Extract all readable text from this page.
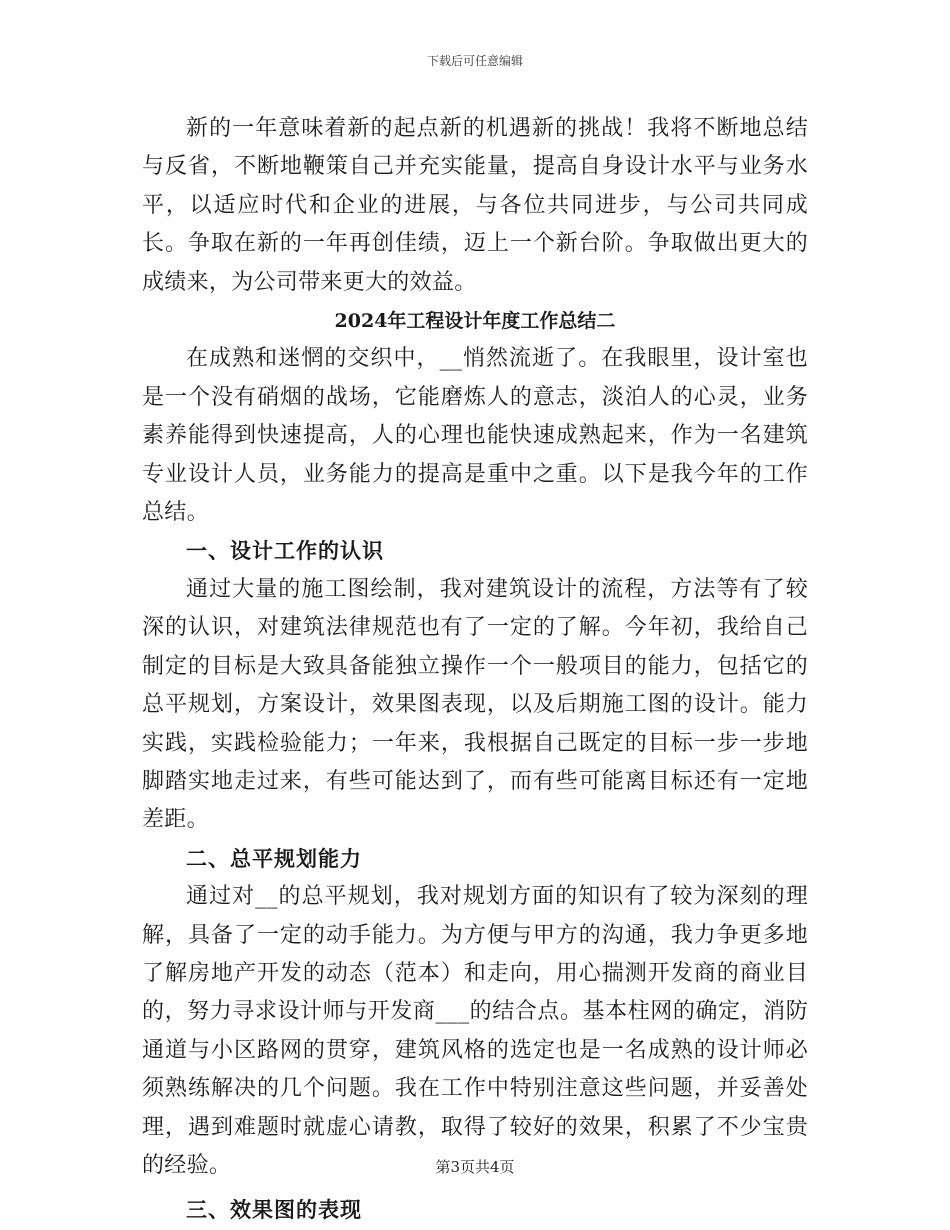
下载后可任意编辑

新的一年意味着新的起点新的机遇新的挑战！我将不断地总结与反省，不断地鞭策自己并充实能量，提高自身设计水平与业务水平，以适应时代和企业的进展，与各位共同进步，与公司共同成长。争取在新的一年再创佳绩，迈上一个新台阶。争取做出更大的成绩来，为公司带来更大的效益。

2024年工程设计年度工作总结二

在成熟和迷惘的交织中，__悄然流逝了。在我眼里，设计室也是一个没有硝烟的战场，它能磨炼人的意志，淡泊人的心灵，业务素养能得到快速提高，人的心理也能快速成熟起来，作为一名建筑专业设计人员，业务能力的提高是重中之重。以下是我今年的工作总结。

一、设计工作的认识

通过大量的施工图绘制，我对建筑设计的流程，方法等有了较深的认识，对建筑法律规范也有了一定的了解。今年初，我给自己制定的目标是大致具备能独立操作一个一般项目的能力，包括它的总平规划，方案设计，效果图表现，以及后期施工图的设计。能力实践，实践检验能力；一年来，我根据自己既定的目标一步一步地脚踏实地走过来，有些可能达到了，而有些可能离目标还有一定地差距。

二、总平规划能力

通过对__的总平规划，我对规划方面的知识有了较为深刻的理解，具备了一定的动手能力。为方便与甲方的沟通，我力争更多地了解房地产开发的动态（范本）和走向，用心揣测开发商的商业目的，努力寻求设计师与开发商___的结合点。基本柱网的确定，消防通道与小区路网的贯穿，建筑风格的选定也是一名成熟的设计师必须熟练解决的几个问题。我在工作中特别注意这些问题，并妥善处理，遇到难题时就虚心请教，取得了较好的效果，积累了不少宝贵的经验。

三、效果图的表现

第3页共4页
